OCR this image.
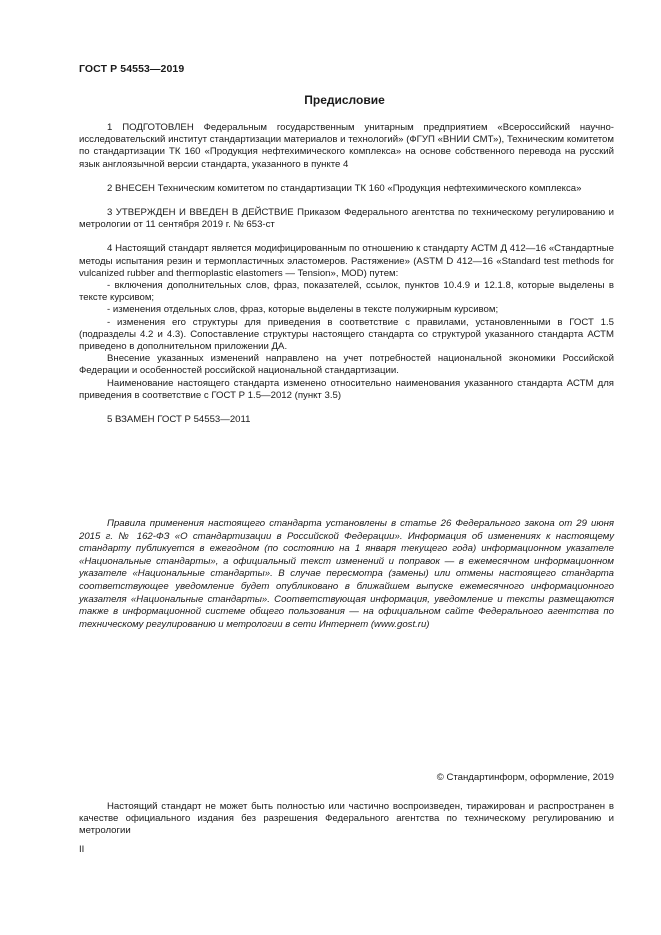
ГОСТ Р 54553—2019
Предисловие

1 ПОДГОТОВЛЕН Федеральным государственным унитарным предприятием «Всероссийский научно-исследовательский институт стандартизации материалов и технологий» (ФГУП «ВНИИ СМТ»), Техническим комитетом по стандартизации ТК 160 «Продукция нефтехимического комплекса» на основе собственного перевода на русский язык англоязычной версии стандарта, указанного в пункте 4

2 ВНЕСЕН Техническим комитетом по стандартизации ТК 160 «Продукция нефтехимического комплекса»

3 УТВЕРЖДЕН И ВВЕДЕН В ДЕЙСТВИЕ Приказом Федерального агентства по техническому регулированию и метрологии от 11 сентября 2019 г. № 653-ст

4 Настоящий стандарт является модифицированным по отношению к стандарту АСТМ Д 412—16 «Стандартные методы испытания резин и термопластичных эластомеров. Растяжение» (ASTM D 412—16 «Standard test methods for vulcanized rubber and thermoplastic elastomers — Tension», MOD) путем:

- включения дополнительных слов, фраз, показателей, ссылок, пунктов 10.4.9 и 12.1.8, которые выделены в тексте курсивом;

- изменения отдельных слов, фраз, которые выделены в тексте полужирным курсивом;

- изменения его структуры для приведения в соответствие с правилами, установленными в ГОСТ 1.5 (подразделы 4.2 и 4.3). Сопоставление структуры настоящего стандарта со структурой указанного стандарта АСТМ приведено в дополнительном приложении ДА.

Внесение указанных изменений направлено на учет потребностей национальной экономики Российской Федерации и особенностей российской национальной стандартизации.

Наименование настоящего стандарта изменено относительно наименования указанного стандарта АСТМ для приведения в соответствие с ГОСТ Р 1.5—2012 (пункт 3.5)

5 ВЗАМЕН ГОСТ Р 54553—2011

Правила применения настоящего стандарта установлены в статье 26 Федерального закона от 29 июня 2015 г. № 162-ФЗ «О стандартизации в Российской Федерации». Информация об изменениях к настоящему стандарту публикуется в ежегодном (по состоянию на 1 января текущего года) информационном указателе «Национальные стандарты», а официальный текст изменений и поправок — в ежемесячном информационном указателе «Национальные стандарты». В случае пересмотра (замены) или отмены настоящего стандарта соответствующее уведомление будет опубликовано в ближайшем выпуске ежемесячного информационного указателя «Национальные стандарты». Соответствующая информация, уведомление и тексты размещаются также в информационной системе общего пользования — на официальном сайте Федерального агентства по техническому регулированию и метрологии в сети Интернет (www.gost.ru)

© Стандартинформ, оформление, 2019

Настоящий стандарт не может быть полностью или частично воспроизведен, тиражирован и распространен в качестве официального издания без разрешения Федерального агентства по техническому регулированию и метрологии

II
